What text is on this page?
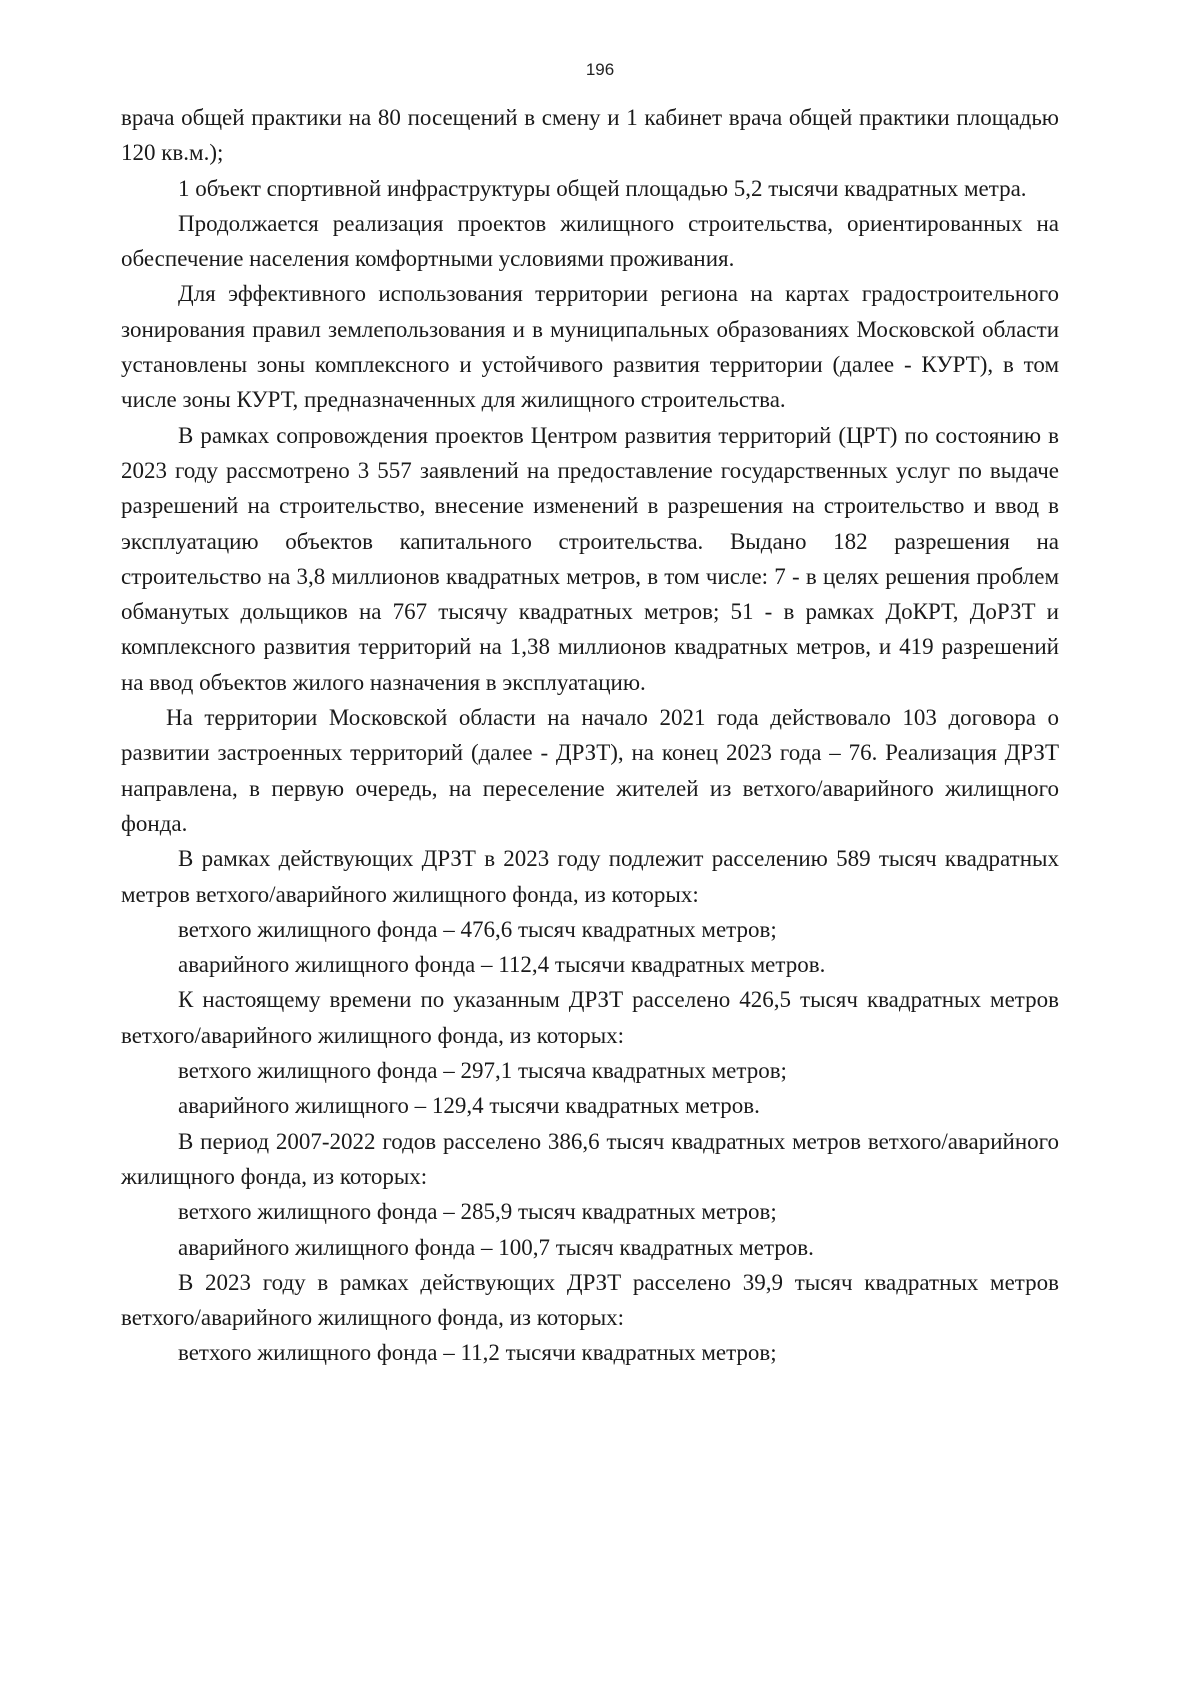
196

врача общей практики на 80 посещений в смену и 1 кабинет врача общей практики площадью 120 кв.м.);

1 объект спортивной инфраструктуры общей площадью 5,2 тысячи квадратных метра.

Продолжается реализация проектов жилищного строительства, ориентированных на обеспечение населения комфортными условиями проживания.

Для эффективного использования территории региона на картах градостроительного зонирования правил землепользования и в муниципальных образованиях Московской области установлены зоны комплексного и устойчивого развития территории (далее - КУРТ), в том числе зоны КУРТ, предназначенных для жилищного строительства.

В рамках сопровождения проектов Центром развития территорий (ЦРТ) по состоянию в 2023 году рассмотрено 3 557 заявлений на предоставление государственных услуг по выдаче разрешений на строительство, внесение изменений в разрешения на строительство и ввод в эксплуатацию объектов капитального строительства. Выдано 182 разрешения на строительство на 3,8 миллионов квадратных метров, в том числе: 7 - в целях решения проблем обманутых дольщиков на 767 тысячу квадратных метров; 51 - в рамках ДоКРТ, ДоРЗТ и комплексного развития территорий на 1,38 миллионов квадратных метров, и 419 разрешений на ввод объектов жилого назначения в эксплуатацию.

На территории Московской области на начало 2021 года действовало 103 договора о развитии застроенных территорий (далее - ДРЗТ), на конец 2023 года – 76. Реализация ДРЗТ направлена, в первую очередь, на переселение жителей из ветхого/аварийного жилищного фонда.

В рамках действующих ДРЗТ в 2023 году подлежит расселению 589 тысяч квадратных метров ветхого/аварийного жилищного фонда, из которых:

ветхого жилищного фонда – 476,6 тысяч квадратных метров;

аварийного жилищного фонда – 112,4 тысячи квадратных метров.

К настоящему времени по указанным ДРЗТ расселено 426,5 тысяч квадратных метров ветхого/аварийного жилищного фонда, из которых:

ветхого жилищного фонда – 297,1 тысяча квадратных метров;

аварийного жилищного – 129,4 тысячи квадратных метров.

В период 2007-2022 годов расселено 386,6 тысяч квадратных метров ветхого/аварийного жилищного фонда, из которых:

ветхого жилищного фонда – 285,9 тысяч квадратных метров;

аварийного жилищного фонда – 100,7 тысяч квадратных метров.

В 2023 году в рамках действующих ДРЗТ расселено 39,9 тысяч квадратных метров ветхого/аварийного жилищного фонда, из которых:

ветхого жилищного фонда – 11,2 тысячи квадратных метров;
